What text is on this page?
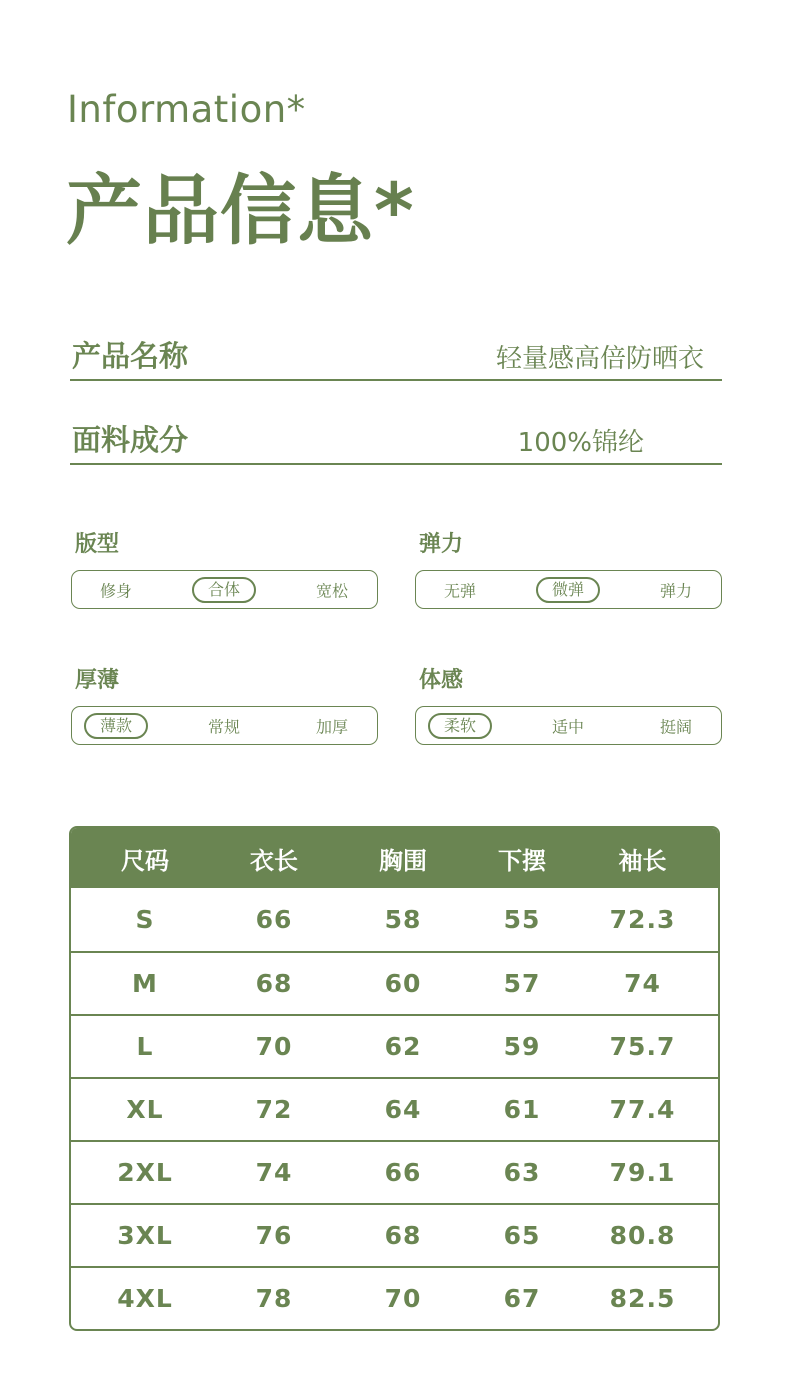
Information*
产品信息*
产品名称	轻量感高倍防晒衣
面料成分	100%锦纶
版型
修身	合体	宽松
弹力
无弹	微弹	弹力
厚薄
薄款	常规	加厚
体感
柔软	适中	挺阔
尺码	衣长	胸围	下摆	袖长
S	66	58	55	72.3
M	68	60	57	74
L	70	62	59	75.7
XL	72	64	61	77.4
2XL	74	66	63	79.1
3XL	76	68	65	80.8
4XL	78	70	67	82.5
